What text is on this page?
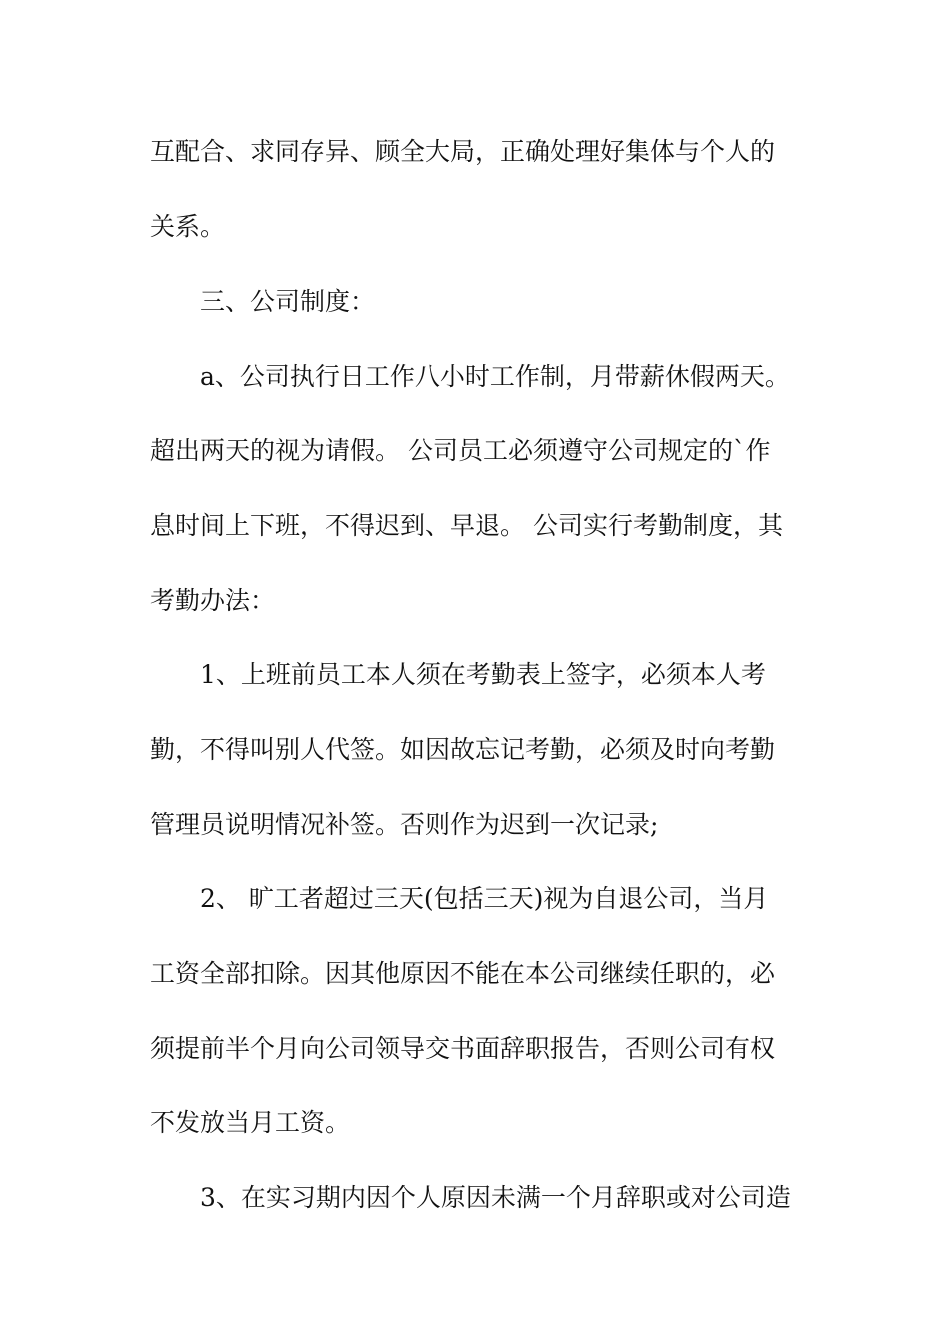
互配合、求同存异、顾全大局，正确处理好集体与个人的
关系。
三、公司制度：
a、公司执行日工作八小时工作制，月带薪休假两天。
超出两天的视为请假。 公司员工必须遵守公司规定的`作
息时间上下班，不得迟到、早退。 公司实行考勤制度，其
考勤办法：
1、上班前员工本人须在考勤表上签字，必须本人考
勤，不得叫别人代签。如因故忘记考勤，必须及时向考勤
管理员说明情况补签。否则作为迟到一次记录;
2、 旷工者超过三天(包括三天)视为自退公司，当月
工资全部扣除。因其他原因不能在本公司继续任职的，必
须提前半个月向公司领导交书面辞职报告，否则公司有权
不发放当月工资。
3、在实习期内因个人原因未满一个月辞职或对公司造
